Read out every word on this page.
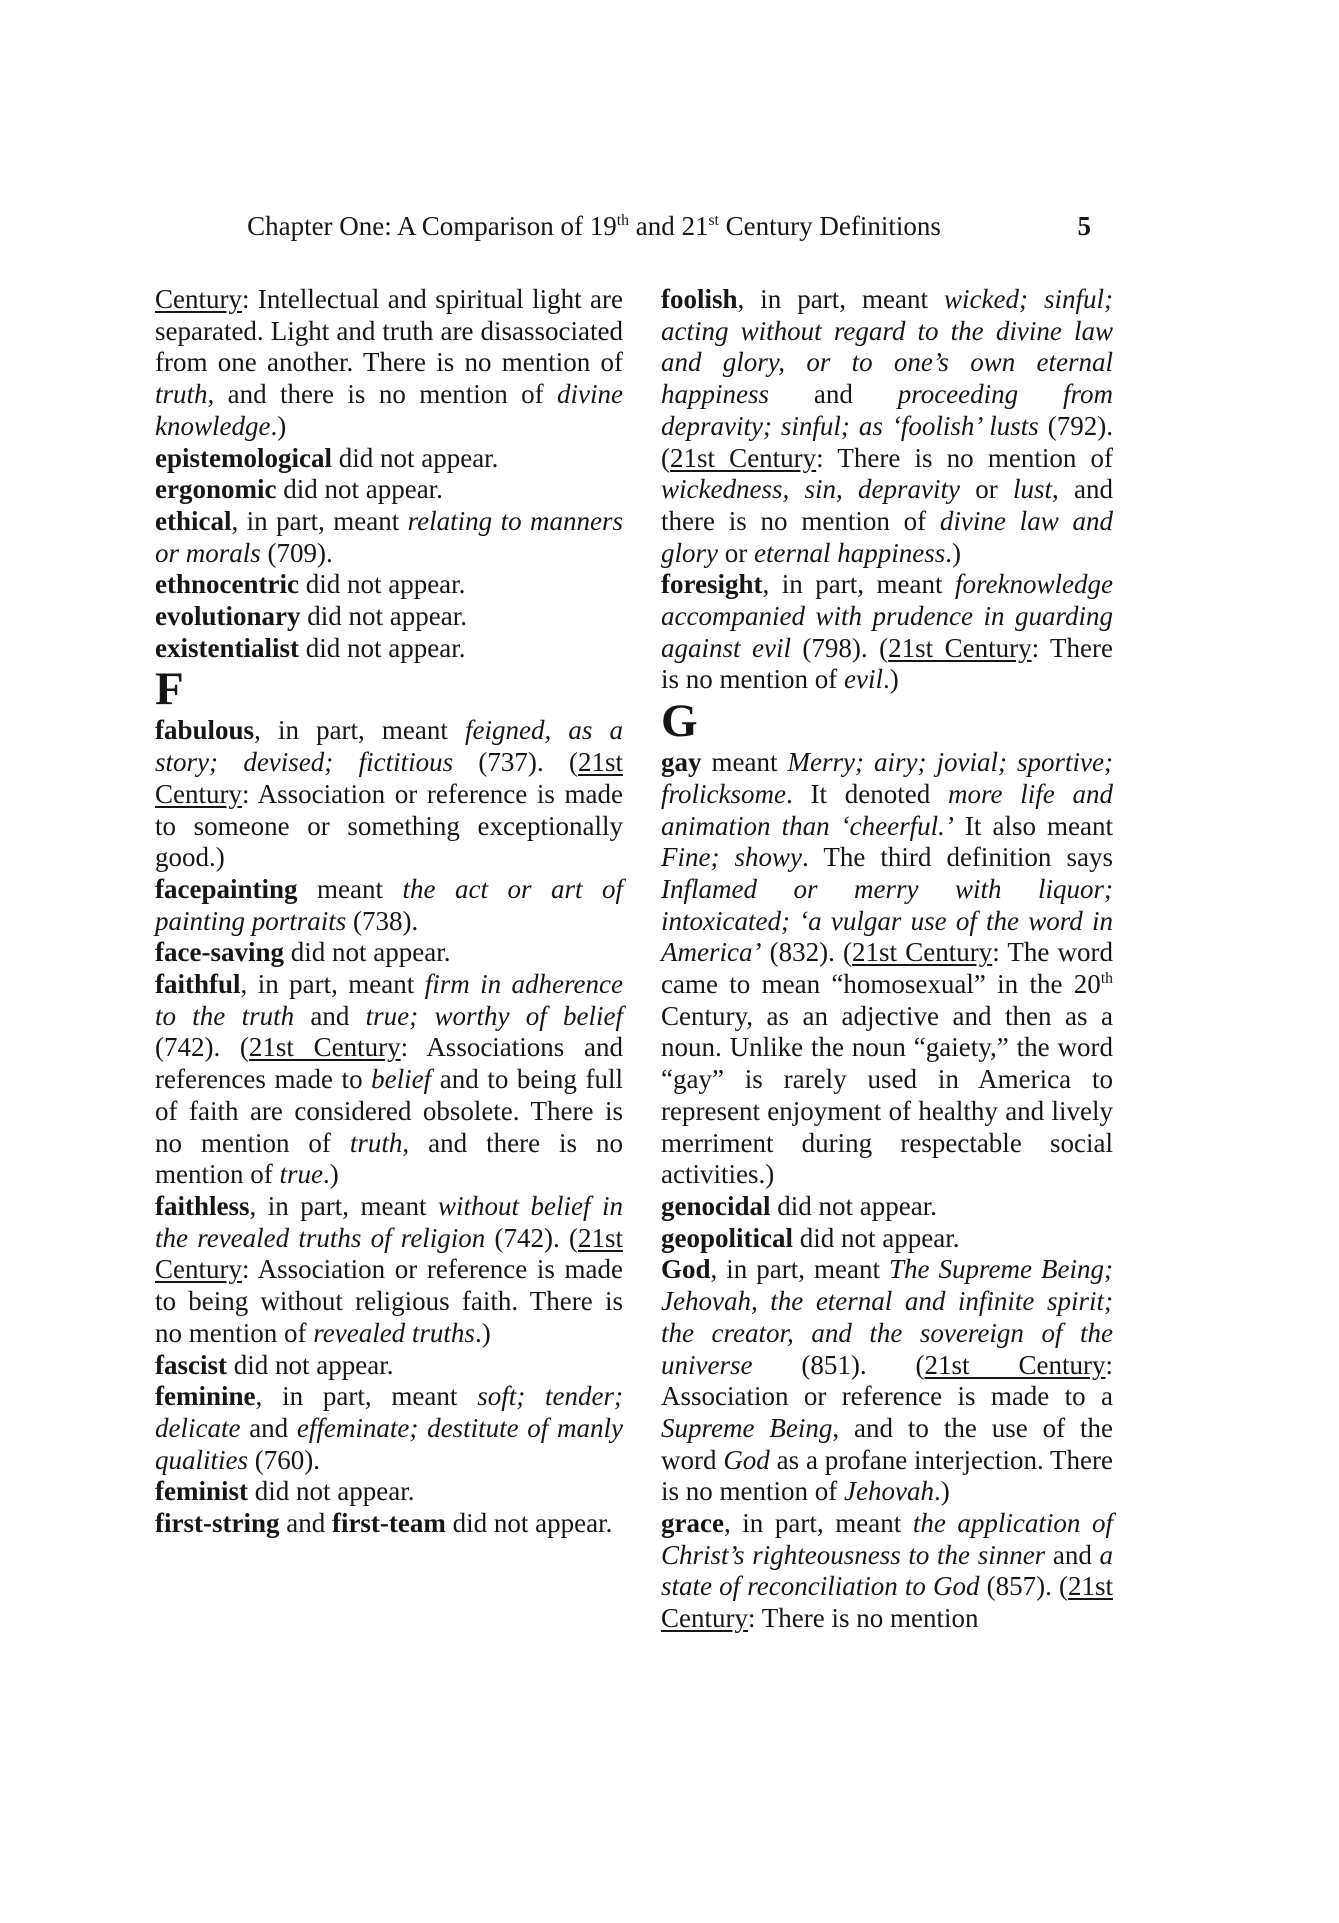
Chapter One: A Comparison of 19th and 21st Century Definitions	5

Century: Intellectual and spiritual light are separated. Light and truth are disassociated from one another. There is no mention of truth, and there is no mention of divine knowledge.)

epistemological did not appear.

ergonomic did not appear.

ethical, in part, meant relating to manners or morals (709).

ethnocentric did not appear.

evolutionary did not appear.

existentialist did not appear.

F

fabulous, in part, meant feigned, as a story; devised; fictitious (737). (21st Century: Association or reference is made to someone or something exceptionally good.)

facepainting meant the act or art of painting portraits (738).

face-saving did not appear.

faithful, in part, meant firm in adherence to the truth and true; worthy of belief (742). (21st Century: Associations and references made to belief and to being full of faith are considered obsolete. There is no mention of truth, and there is no mention of true.)

faithless, in part, meant without belief in the revealed truths of religion (742). (21st Century: Association or reference is made to being without religious faith. There is no mention of revealed truths.)

fascist did not appear.

feminine, in part, meant soft; tender; delicate and effeminate; destitute of manly qualities (760).

feminist did not appear.

first-string and first-team did not appear.

foolish, in part, meant wicked; sinful; acting without regard to the divine law and glory, or to one’s own eternal happiness and proceeding from depravity; sinful; as ‘foolish’ lusts (792). (21st Century: There is no mention of wickedness, sin, depravity or lust, and there is no mention of divine law and glory or eternal happiness.)

foresight, in part, meant foreknowledge accompanied with prudence in guarding against evil (798). (21st Century: There is no mention of evil.)

G

gay meant Merry; airy; jovial; sportive; frolicksome. It denoted more life and animation than ‘cheerful.’ It also meant Fine; showy. The third definition says Inflamed or merry with liquor; intoxicated; ‘a vulgar use of the word in America’ (832). (21st Century: The word came to mean “homosexual” in the 20th Century, as an adjective and then as a noun. Unlike the noun “gaiety,” the word “gay” is rarely used in America to represent enjoyment of healthy and lively merriment during respectable social activities.)

genocidal did not appear.

geopolitical did not appear.

God, in part, meant The Supreme Being; Jehovah, the eternal and infinite spirit; the creator, and the sovereign of the universe (851). (21st Century: Association or reference is made to a Supreme Being, and to the use of the word God as a profane interjection. There is no mention of Jehovah.)

grace, in part, meant the application of Christ’s righteousness to the sinner and a state of reconciliation to God (857). (21st Century: There is no mention
